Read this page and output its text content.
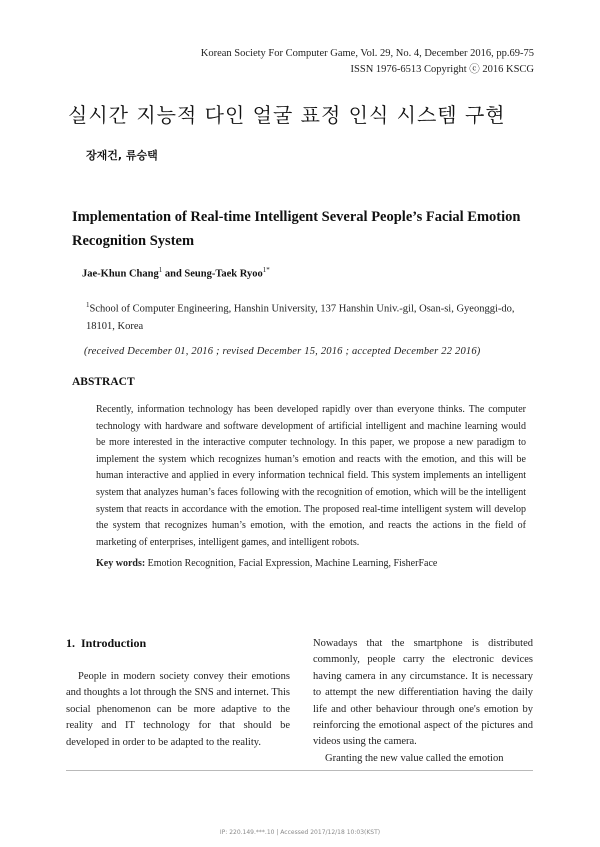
Korean Society For Computer Game, Vol. 29, No. 4, December 2016, pp.69-75
ISSN 1976-6513 Copyright ⓒ 2016 KSCG
실시간 지능적 다인 얼굴 표정 인식 시스템 구현
장재건, 류승택
Implementation of Real-time Intelligent Several People’s Facial Emotion Recognition System
Jae-Khun Chang$^1$ and Seung-Taek Ryoo$^{1*}$
$^1$School of Computer Engineering, Hanshin University, 137 Hanshin Univ.-gil, Osan-si, Gyeonggi-do, 18101, Korea
(received December 01, 2016 ; revised December 15, 2016 ; accepted December 22 2016)
ABSTRACT
Recently, information technology has been developed rapidly over than everyone thinks. The computer technology with hardware and software development of artificial intelligent and machine learning would be more interested in the interactive computer technology. In this paper, we propose a new paradigm to implement the system which recognizes human’s emotion and reacts with the emotion, and this will be human interactive and applied in every information technical field. This system implements an intelligent system that analyzes human’s faces following with the recognition of emotion, which will be the intelligent system that reacts in accordance with the emotion. The proposed real-time intelligent system will develop the system that recognizes human’s emotion, with the emotion, and reacts the actions in the field of marketing of enterprises, intelligent games, and intelligent robots.
Key words: Emotion Recognition, Facial Expression, Machine Learning, FisherFace
1.  Introduction

People in modern society convey their emotions and thoughts a lot through the SNS and internet. This social phenomenon can be more adaptive to the reality and IT technology for that should be developed in order to be adapted to the reality.

Nowadays that the smartphone is distributed commonly, people carry the electronic devices having camera in any circumstance. It is necessary to attempt the new differentiation having the daily life and other behaviour through one's emotion by reinforcing the emotional aspect of the pictures and videos using the camera.

Granting the new value called the emotion

IP: 220.149.***.10 | Accessed 2017/12/18 10:03(KST)
